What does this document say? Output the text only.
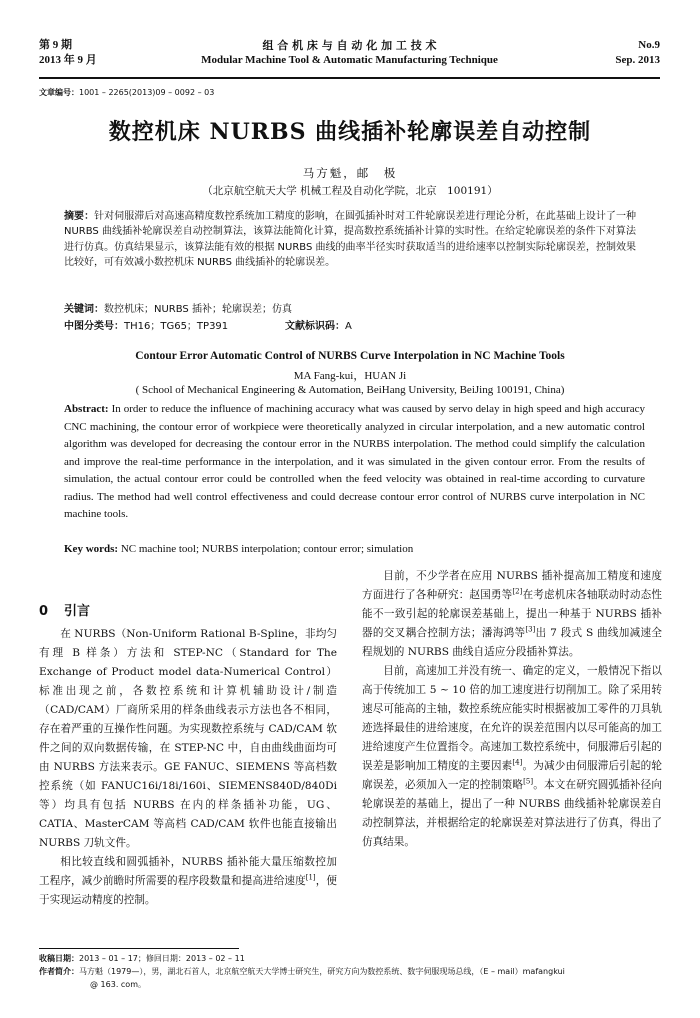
第 9 期
2013 年 9 月
组 合 机 床 与 自 动 化 加 工 技 术
Modular Machine Tool & Automatic Manufacturing Technique
No.9
Sep. 2013
文章编号：1001 – 2265(2013)09 – 0092 – 03
数控机床 NURBS 曲线插补轮廓误差自动控制
马方魁，邮　极
（北京航空航天大学 机械工程及自动化学院，北京　100191）
摘要：针对伺服滞后对高速高精度数控系统加工精度的影响，在圆弧插补时对工件轮廓误差进行理论分析，在此基础上设计了一种 NURBS 曲线插补轮廓误差自动控制算法，该算法能简化计算，提高数控系统插补计算的实时性。在给定轮廓误差的条件下对算法进行仿真。仿真结果显示，该算法能有效的根据 NURBS 曲线的曲率半径实时获取适当的进给速率以控制实际轮廓误差，控制效果比较好，可有效减小数控机床 NURBS 曲线插补的轮廓误差。
关键词：数控机床；NURBS 插补；轮廓误差；仿真
中图分类号：TH16；TG65；TP391	文献标识码：A
Contour Error Automatic Control of NURBS Curve Interpolation in NC Machine Tools
MA Fang-kui，HUAN Ji
( School of Mechanical Engineering & Automation, BeiHang University, BeiJing 100191, China)
Abstract: In order to reduce the influence of machining accuracy what was caused by servo delay in high speed and high accuracy CNC machining, the contour error of workpiece were theoretically analyzed in circular interpolation, and a new automatic control algorithm was developed for decreasing the contour error in the NURBS interpolation. The method could simplify the calculation and improve the real-time performance in the interpolation, and it was simulated in the given contour error. From the results of simulation, the actual contour error could be controlled when the feed velocity was obtained in real-time according to curvature radius. The method had well control effectiveness and could decrease contour error control of NURBS curve interpolation in NC machine tools.
Key words: NC machine tool; NURBS interpolation; contour error; simulation
0 引言

在 NURBS（Non-Uniform Rational B-Spline，非均匀有理 B 样条）方法和 STEP-NC（Standard for The Exchange of Product model data-Numerical Control）标准出现之前，各数控系统和计算机辅助设计/制造（CAD/CAM）厂商所采用的样条曲线表示方法也各不相同，存在着严重的互操作性问题。为实现数控系统与 CAD/CAM 软件之间的双向数据传输，在 STEP-NC 中，自由曲线曲面均可由 NURBS 方法来表示。GE FANUC、SIEMENS 等高档数控系统（如 FANUC16i/18i/160i、SIEMENS840D/840Di 等）均具有包括 NURBS 在内的样条插补功能，UG、CATIA、MasterCAM 等高档 CAD/CAM 软件也能直接输出 NURBS 刀轨文件。

相比较直线和圆弧插补，NURBS 插补能大量压缩数控加工程序，减少前瞻时所需要的程序段数量和提高进给速度[1]，便于实现运动精度的控制。

目前，不少学者在应用 NURBS 插补提高加工精度和速度方面进行了各种研究：赵国勇等[2]在考虑机床各轴联动时动态性能不一致引起的轮廓误差基础上，提出一种基于 NURBS 插补器的交叉耦合控制方法；潘海鸿等[3]出 7 段式 S 曲线加减速全程规划的 NURBS 曲线自适应分段插补算法。

目前，高速加工并没有统一、确定的定义，一般情况下指以高于传统加工 5 ~ 10 倍的加工速度进行切削加工。除了采用转速尽可能高的主轴，数控系统应能实时根据被加工零件的刀具轨迹选择最佳的进给速度，在允许的误差范围内以尽可能高的加工进给速度产生位置指令。高速加工数控系统中，伺服滞后引起的误差是影响加工精度的主要因素[4]。为减少由伺服滞后引起的轮廓误差，必须加入一定的控制策略[5]。本文在研究圆弧插补径向轮廓误差的基础上，提出了一种 NURBS 曲线插补轮廓误差自动控制算法，并根据给定的轮廓误差对算法进行了仿真，得出了仿真结果。

收稿日期：2013 – 01 – 17；修回日期：2013 – 02 – 11
作者简介：马方魁（1979—），男，湖北石首人，北京航空航天大学博士研究生，研究方向为数控系统、数字伺服现场总线，（E – mail）mafangkui
@ 163. com。
